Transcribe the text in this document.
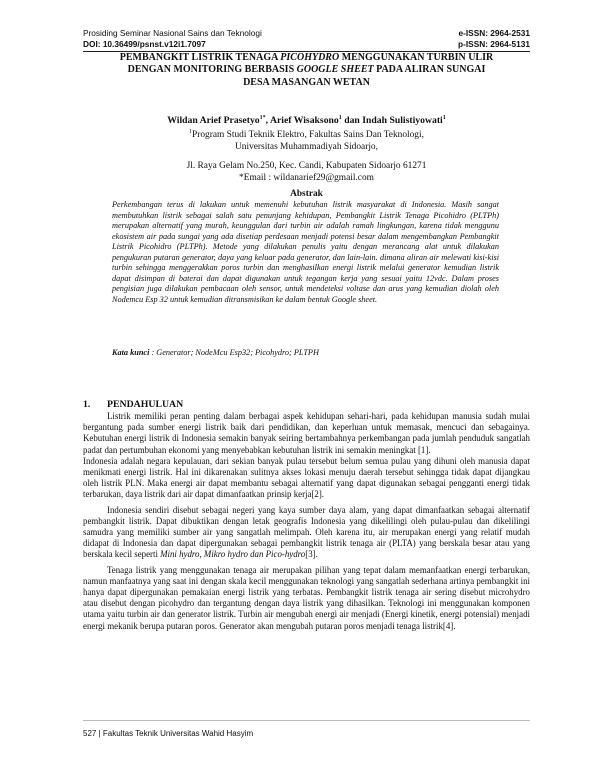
Prosiding Seminar Nasional Sains dan Teknologi	e-ISSN: 2964-2531
DOI: 10.36499/psnst.v12i1.7097	p-ISSN: 2964-5131
PEMBANGKIT LISTRIK TENAGA PICOHYDRO MENGGUNAKAN TURBIN ULIR
DENGAN MONITORING BERBASIS GOOGLE SHEET PADA ALIRAN SUNGAI
DESA MASANGAN WETAN
Wildan Arief Prasetyo$^{1*}$, Arief Wisaksono$^1$ dan Indah Sulistiyowati$^1$
$^1$Program Studi Teknik Elektro, Fakultas Sains Dan Teknologi,
Universitas Muhammadiyah Sidoarjo,
Jl. Raya Gelam No.250, Kec. Candi, Kabupaten Sidoarjo 61271
*Email : wildanarief29@gmail.com
Abstrak
Perkembangan terus di lakukan untuk memenuhi kebutuhan listrik masyarakat di Indonesia. Masih sangat membutuhkan listrik sebagai salah satu penunjang kehidupan, Pembangkit Listrik Tenaga Picohidro (PLTPh) merupakan alternatif yang murah, keunggulan dari turbin air adalah ramah lingkungan, karena tidak menggunu ekosistem air pada sungai yang ada disetiap perdesaan menjadi potensi besar dalam mengembangkan Pembangkit Listrik Picohidro (PLTPh). Metode yang dilakukan penulis yaitu dengan merancang alat untuk dilakukan pengukuran putaran generator, daya yang keluar pada generator, dan lain-lain. dimana aliran air melewati kisi-kisi turbin sehingga menggerakkan poros turbin dan menghasilkan energi listrik melalui generator kemudian listrik dapat disimpan di baterai dan dapat digunakan untuk tegangan kerja yang sesuai yaitu 12vdc. Dalam proses pengisian juga dilakukan pembacaan oleh sensor, untuk mendeteksi voltase dan arus yang kemudian diolah oleh Nodemcu Esp 32 untuk kemudian ditransmisikan ke dalam bentuk Google sheet.
Kata kunci : Generator; NodeMcu Esp32; Picohydro; PLTPH
1. PENDAHULUAN

Listrik memiliki peran penting dalam berbagai aspek kehidupan sehari-hari, pada kehidupan manusia sudah mulai bergantung pada sumber energi listrik baik dari pendidikan, dan keperluan untuk memasak, mencuci dan sebagainya. Kebutuhan energi listrik di Indonesia semakin banyak seiring bertambahnya perkembangan pada jumlah penduduk sangatlah padat dan pertumbuhan ekonomi yang menyebabkan kebutuhan listrik ini semakin meningkat [1].

Indonesia adalah negara kepulauan, dari sekian banyak pulau tersebut belum semua pulau yang dihuni oleh manusia dapat menikmati energi listrik. Hal ini dikarenakan sulitnya akses lokasi menuju daerah tersebut sehingga tidak dapat dijangkau oleh listrik PLN. Maka energi air dapat membantu sebagai alternatif yang dapat digunakan sebagai pengganti energi tidak terbarukan, daya listrik dari air dapat dimanfaatkan prinsip kerja[2].

Indonesia sendiri disebut sebagai negeri yang kaya sumber daya alam, yang dapat dimanfaatkan sebagai alternatif pembangkit listrik. Dapat dibuktikan dengan letak geografis Indonesia yang dikelilingi oleh pulau-pulau dan dikelilingi samudra yang memiliki sumber air yang sangatlah melimpah. Oleh karena itu, air merupakan energi yang relatif mudah didapat di Indonesia dan dapat dipergunakan sebagai pembangkit listrik tenaga air (PLTA) yang berskala besar atau yang berskala kecil seperti Mini hydro, Mikro hydro dan Pico-hydro[3].

Tenaga listrik yang menggunakan tenaga air merupakan pilihan yang tepat dalam memanfaatkan energi terbarukan, namun manfaatnya yang saat ini dengan skala kecil menggunakan teknologi yang sangatlah sederhana artinya pembangkit ini hanya dapat dipergunakan pemakaian energi listrik yang terbatas. Pembangkit listrik tenaga air sering disebut microhydro atau disebut dengan picohydro dan tergantung dengan daya listrik yang dihasilkan. Teknologi ini menggunakan komponen utama yaitu turbin air dan generator listrik. Turbin air mengubah energi air menjadi (Energi kinetik, energi potensial) menjadi energi mekanik berupa putaran poros. Generator akan mengubah putaran poros menjadi tenaga listrik[4].

527 | Fakultas Teknik Universitas Wahid Hasyim
